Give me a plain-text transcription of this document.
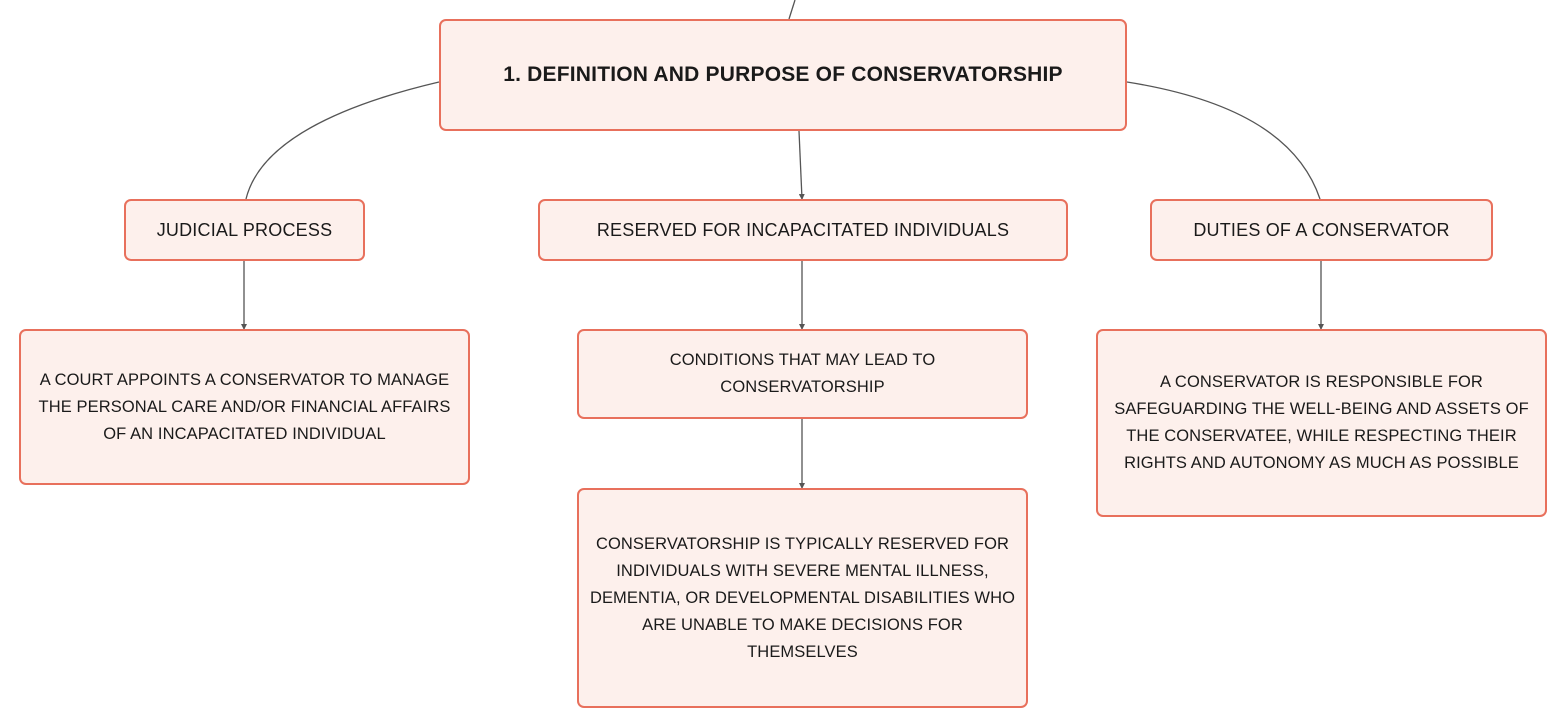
1. DEFINITION AND PURPOSE OF CONSERVATORSHIP
JUDICIAL PROCESS	RESERVED FOR INCAPACITATED INDIVIDUALS	DUTIES OF A CONSERVATOR
A COURT APPOINTS A CONSERVATOR TO MANAGE THE PERSONAL CARE AND/OR FINANCIAL AFFAIRS OF AN INCAPACITATED INDIVIDUAL
CONDITIONS THAT MAY LEAD TO CONSERVATORSHIP
CONSERVATORSHIP IS TYPICALLY RESERVED FOR INDIVIDUALS WITH SEVERE MENTAL ILLNESS, DEMENTIA, OR DEVELOPMENTAL DISABILITIES WHO ARE UNABLE TO MAKE DECISIONS FOR THEMSELVES
A CONSERVATOR IS RESPONSIBLE FOR SAFEGUARDING THE WELL-BEING AND ASSETS OF THE CONSERVATEE, WHILE RESPECTING THEIR RIGHTS AND AUTONOMY AS MUCH AS POSSIBLE
